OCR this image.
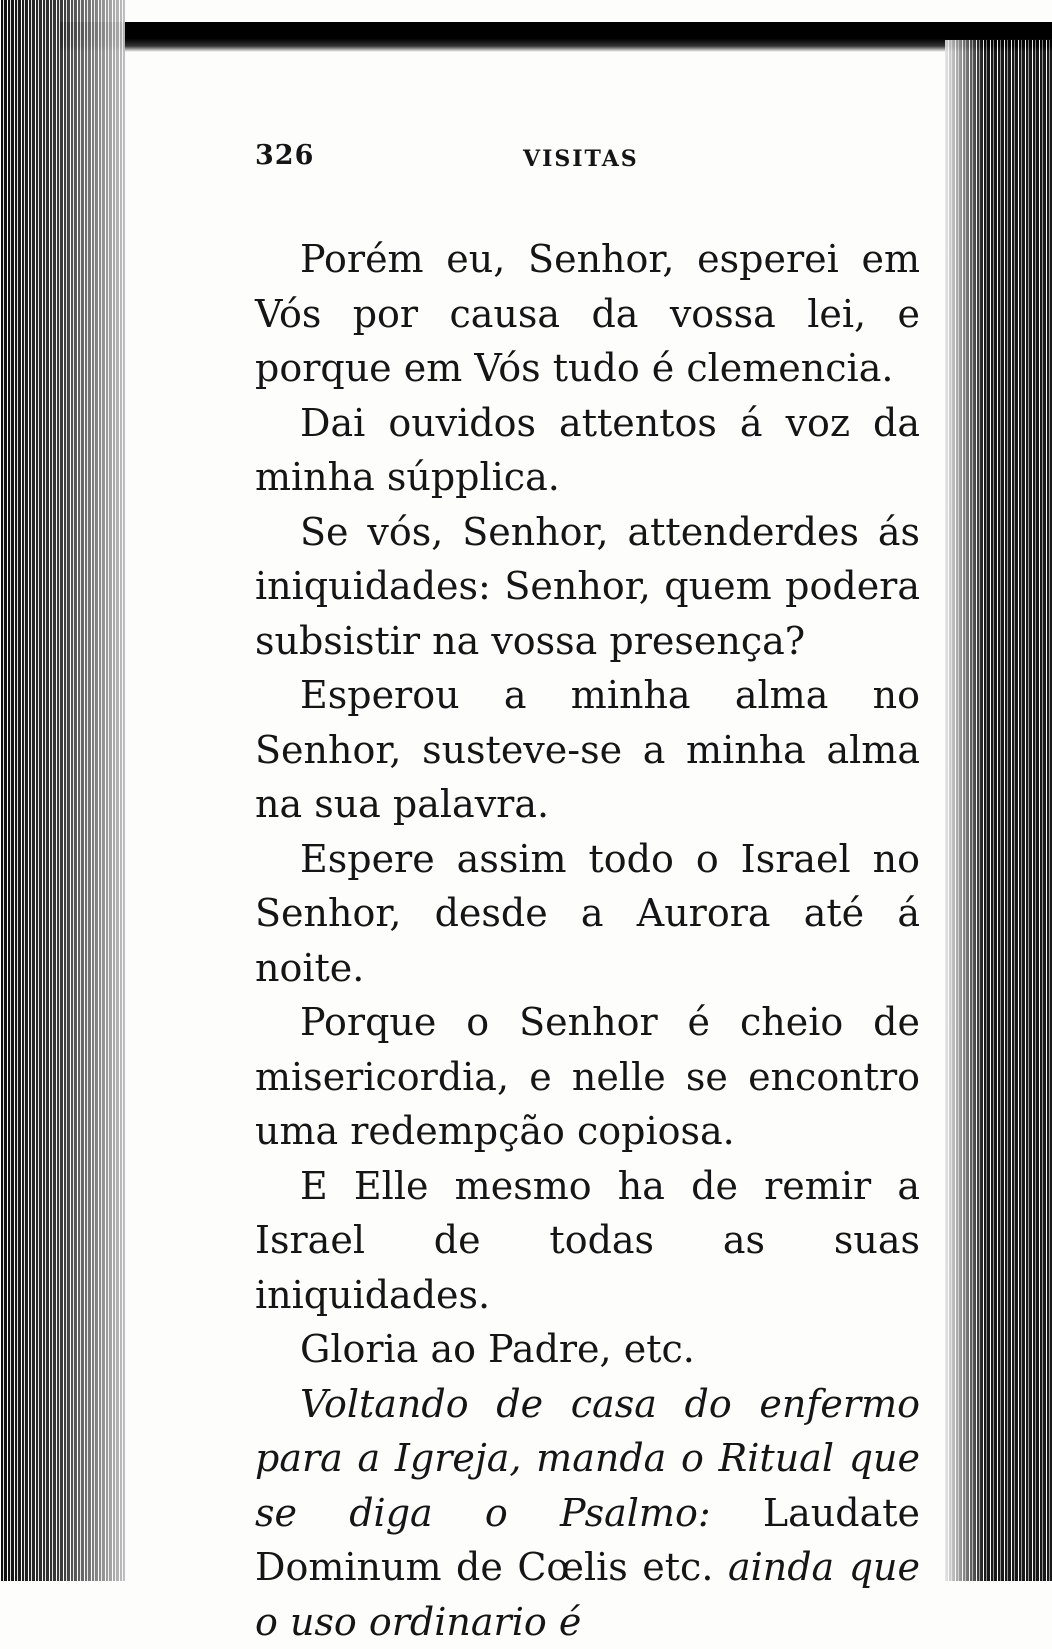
326	VISITAS

Porém eu, Senhor, esperei em Vós por causa da vossa lei, e porque em Vós tudo é clemencia.

Dai ouvidos attentos á voz da minha súpplica.

Se vós, Senhor, attenderdes ás iniquidades: Senhor, quem podera subsistir na vossa presença?

Esperou a minha alma no Senhor, susteve-se a minha alma na sua palavra.

Espere assim todo o Israel no Senhor, desde a Aurora até á noite.

Porque o Senhor é cheio de misericordia, e nelle se encontro uma redempção copiosa.

E Elle mesmo ha de remir a Israel de todas as suas iniquidades.

Gloria ao Padre, etc.

Voltando de casa do enfermo para a Igreja, manda o Ritual que se diga o Psalmo: Laudate Dominum de Cœlis etc. ainda que o uso ordinario é
